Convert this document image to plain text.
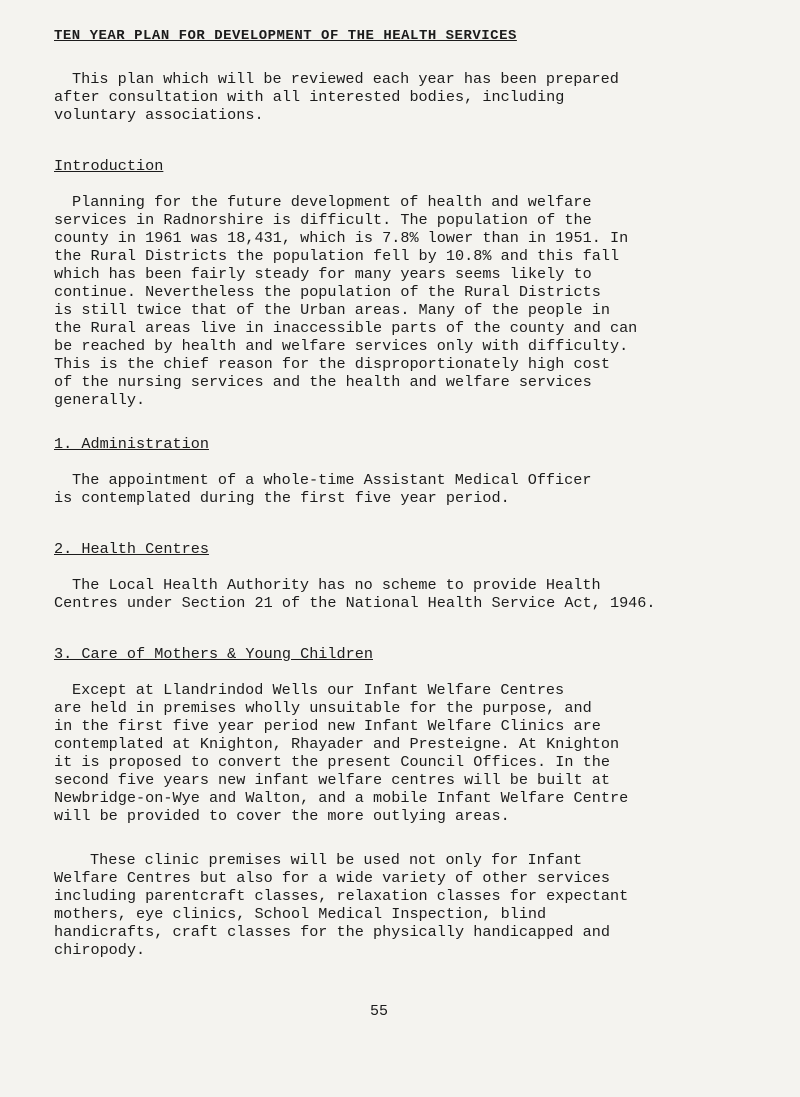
TEN YEAR PLAN FOR DEVELOPMENT OF THE HEALTH SERVICES

This plan which will be reviewed each year has been prepared

after consultation with all interested bodies, including

voluntary associations.

Introduction

Planning for the future development of health and welfare

services in Radnorshire is difficult. The population of the

county in 1961 was 18,431, which is 7.8% lower than in 1951. In

the Rural Districts the population fell by 10.8% and this fall

which has been fairly steady for many years seems likely to

continue. Nevertheless the population of the Rural Districts

is still twice that of the Urban areas. Many of the people in

the Rural areas live in inaccessible parts of the county and can

be reached by health and welfare services only with difficulty.

This is the chief reason for the disproportionately high cost

of the nursing services and the health and welfare services

generally.

1. Administration

The appointment of a whole-time Assistant Medical Officer

is contemplated during the first five year period.

2. Health Centres

The Local Health Authority has no scheme to provide Health

Centres under Section 21 of the National Health Service Act, 1946.

3. Care of Mothers & Young Children

Except at Llandrindod Wells our Infant Welfare Centres

are held in premises wholly unsuitable for the purpose, and

in the first five year period new Infant Welfare Clinics are

contemplated at Knighton, Rhayader and Presteigne. At Knighton

it is proposed to convert the present Council Offices. In the

second five years new infant welfare centres will be built at

Newbridge-on-Wye and Walton, and a mobile Infant Welfare Centre

will be provided to cover the more outlying areas.

These clinic premises will be used not only for Infant

Welfare Centres but also for a wide variety of other services

including parentcraft classes, relaxation classes for expectant

mothers, eye clinics, School Medical Inspection, blind

handicrafts, craft classes for the physically handicapped and

chiropody.

55
